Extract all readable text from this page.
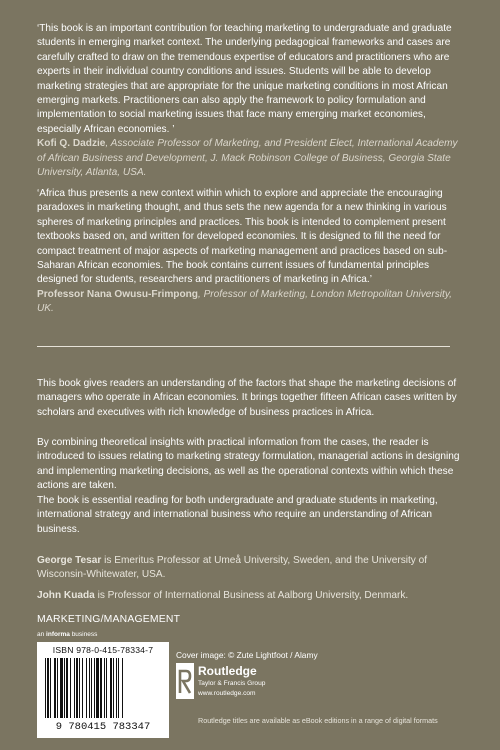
‘This book is an important contribution for teaching marketing to undergraduate and graduate students in emerging market context. The underlying pedagogical frameworks and cases are carefully crafted to draw on the tremendous expertise of educators and practitioners who are experts in their individual country conditions and issues. Students will be able to develop marketing strategies that are appropriate for the unique marketing conditions in most African emerging markets. Practitioners can also apply the framework to policy formulation and implementation to social marketing issues that face many emerging market economies, especially African economies. ’

Kofi Q. Dadzie, Associate Professor of Marketing, and President Elect, International Academy of African Business and Development, J. Mack Robinson College of Business, Georgia State University, Atlanta, USA.

‘Africa thus presents a new context within which to explore and appreciate the encouraging paradoxes in marketing thought, and thus sets the new agenda for a new thinking in various spheres of marketing principles and practices. This book is intended to complement present textbooks based on, and written for developed economies. It is designed to fill the need for compact treatment of major aspects of marketing management and practices based on sub-Saharan African economies. The book contains current issues of fundamental principles designed for students, researchers and practitioners of marketing in Africa.’

Professor Nana Owusu-Frimpong, Professor of Marketing, London Metropolitan University, UK.

This book gives readers an understanding of the factors that shape the marketing decisions of managers who operate in African economies. It brings together fifteen African cases written by scholars and executives with rich knowledge of business practices in Africa.

By combining theoretical insights with practical information from the cases, the reader is introduced to issues relating to marketing strategy formulation, managerial actions in designing and implementing marketing decisions, as well as the operational contexts within which these actions are taken.

The book is essential reading for both undergraduate and graduate students in marketing, international strategy and international business who require an understanding of African business.

George Tesar is Emeritus Professor at Umeå University, Sweden, and the University of Wisconsin-Whitewater, USA.

John Kuada is Professor of International Business at Aalborg University, Denmark.

MARKETING/MANAGEMENT
an informa business
ISBN 978-0-415-78334-7
9 780415 783347
Cover image: © Zute Lightfoot / Alamy
Routledge
Taylor & Francis Group
www.routledge.com
Routledge titles are available as eBook editions in a range of digital formats
